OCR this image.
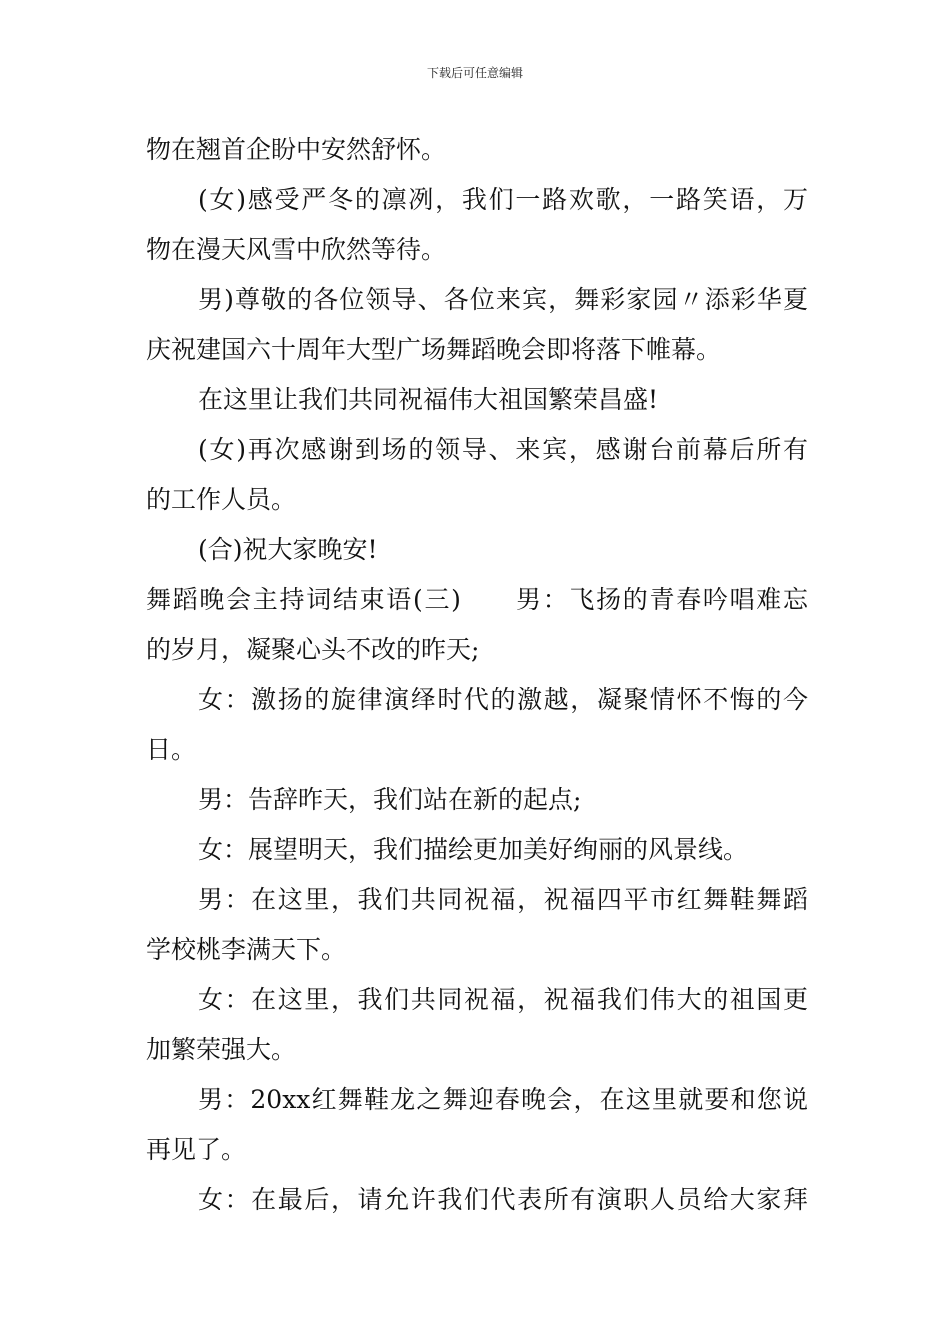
下载后可任意编辑
物在翘首企盼中安然舒怀。
(女)感受严冬的凛冽，我们一路欢歌，一路笑语，万
物在漫天风雪中欣然等待。
男)尊敬的各位领导、各位来宾，舞彩家园〃添彩华夏
庆祝建国六十周年大型广场舞蹈晚会即将落下帷幕。
在这里让我们共同祝福伟大祖国繁荣昌盛!
(女)再次感谢到场的领导、来宾，感谢台前幕后所有
的工作人员。
(合)祝大家晚安!
舞蹈晚会主持词结束语(三)　　男：飞扬的青春吟唱难忘
的岁月，凝聚心头不改的昨天;
女：激扬的旋律演绎时代的激越，凝聚情怀不悔的今
日。
男：告辞昨天，我们站在新的起点;
女：展望明天，我们描绘更加美好绚丽的风景线。
男：在这里，我们共同祝福，祝福四平市红舞鞋舞蹈
学校桃李满天下。
女：在这里，我们共同祝福，祝福我们伟大的祖国更
加繁荣强大。
男：20xx红舞鞋龙之舞迎春晚会，在这里就要和您说
再见了。
女：在最后，请允许我们代表所有演职人员给大家拜
